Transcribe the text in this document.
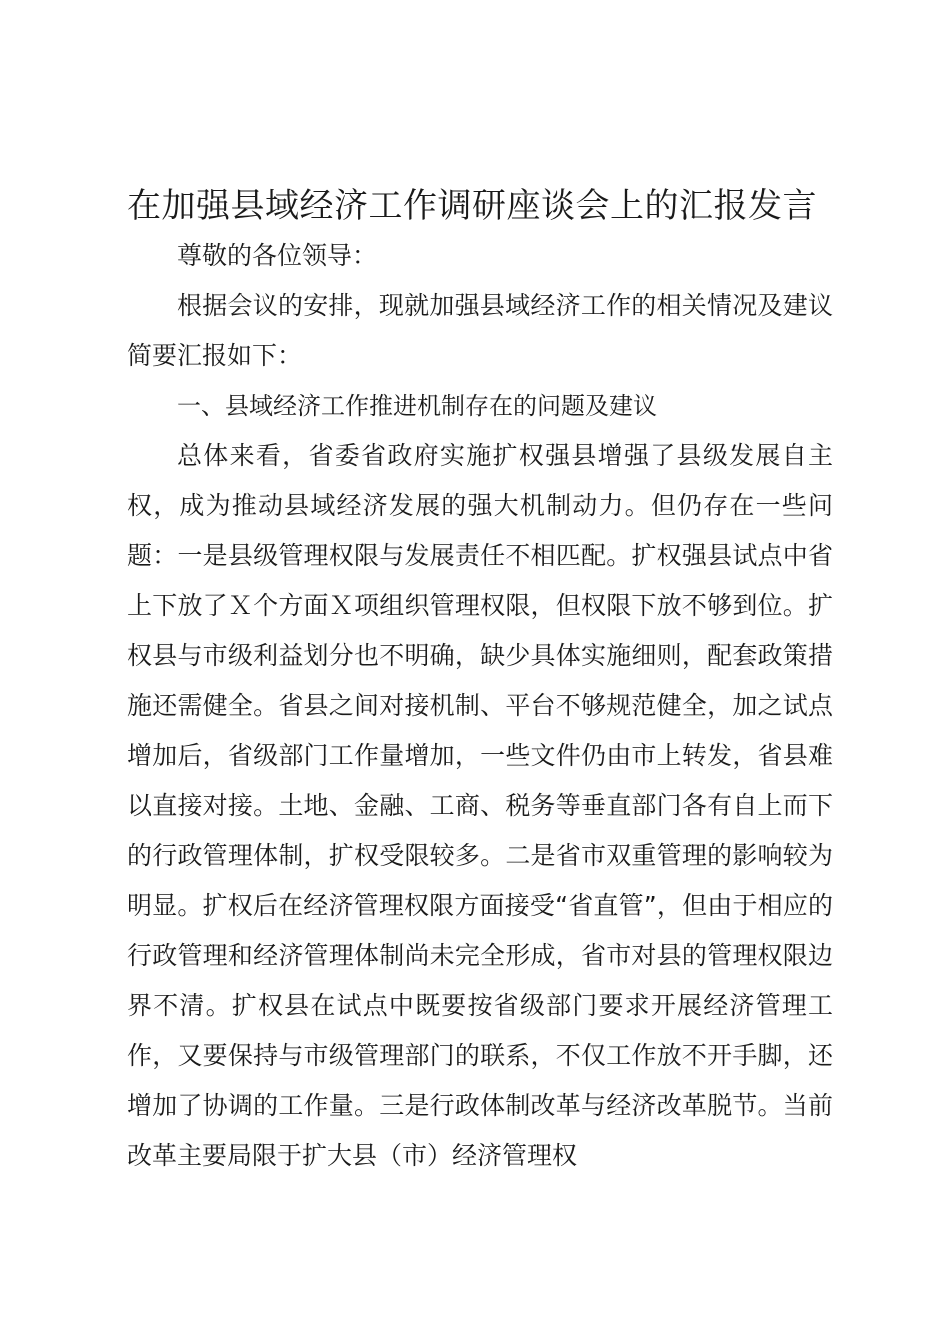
在加强县域经济工作调研座谈会上的汇报发言

尊敬的各位领导：

根据会议的安排，现就加强县域经济工作的相关情况及建议简要汇报如下：

一、县域经济工作推进机制存在的问题及建议

总体来看，省委省政府实施扩权强县增强了县级发展自主权，成为推动县域经济发展的强大机制动力。但仍存在一些问题：一是县级管理权限与发展责任不相匹配。扩权强县试点中省上下放了Ｘ个方面Ｘ项组织管理权限，但权限下放不够到位。扩权县与市级利益划分也不明确，缺少具体实施细则，配套政策措施还需健全。省县之间对接机制、平台不够规范健全，加之试点增加后，省级部门工作量增加，一些文件仍由市上转发，省县难以直接对接。土地、金融、工商、税务等垂直部门各有自上而下的行政管理体制，扩权受限较多。二是省市双重管理的影响较为明显。扩权后在经济管理权限方面接受“省直管”，但由于相应的行政管理和经济管理体制尚未完全形成，省市对县的管理权限边界不清。扩权县在试点中既要按省级部门要求开展经济管理工作，又要保持与市级管理部门的联系，不仅工作放不开手脚，还增加了协调的工作量。三是行政体制改革与经济改革脱节。当前改革主要局限于扩大县（市）经济管理权
